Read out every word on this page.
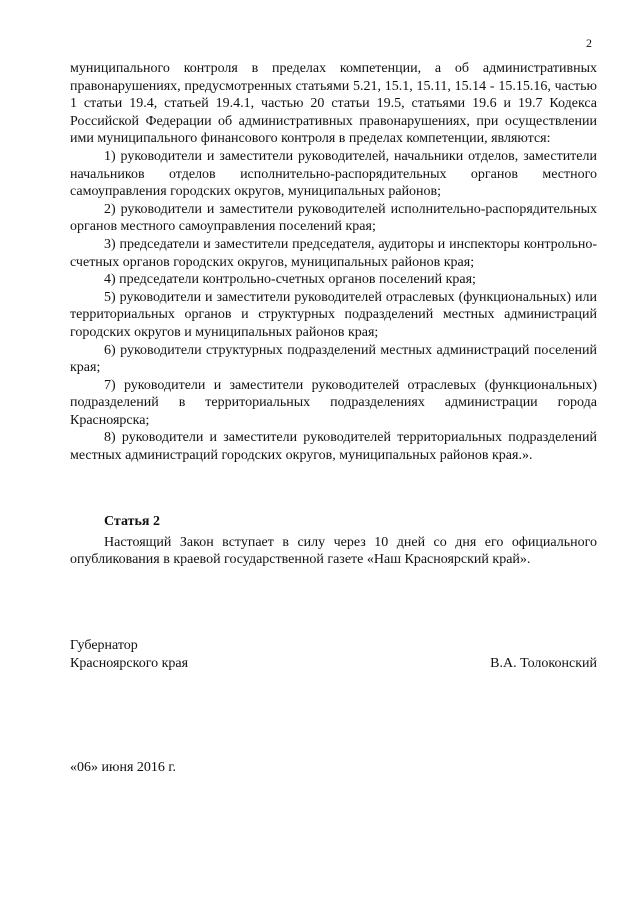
2

муниципального контроля в пределах компетенции, а об административных правонарушениях, предусмотренных статьями 5.21, 15.1, 15.11, 15.14 - 15.15.16, частью 1 статьи 19.4, статьей 19.4.1, частью 20 статьи 19.5, статьями 19.6 и 19.7 Кодекса Российской Федерации об административных правонарушениях, при осуществлении ими муниципального финансового контроля в пределах компетенции, являются:

1) руководители и заместители руководителей, начальники отделов, заместители начальников отделов исполнительно-распорядительных органов местного самоуправления городских округов, муниципальных районов;

2) руководители и заместители руководителей исполнительно-распорядительных органов местного самоуправления поселений края;

3) председатели и заместители председателя, аудиторы и инспекторы контрольно-счетных органов городских округов, муниципальных районов края;

4) председатели контрольно-счетных органов поселений края;

5) руководители и заместители руководителей отраслевых (функциональных) или территориальных органов и структурных подразделений местных администраций городских округов и муниципальных районов края;

6) руководители структурных подразделений местных администраций поселений края;

7) руководители и заместители руководителей отраслевых (функциональных) подразделений в территориальных подразделениях администрации города Красноярска;

8) руководители и заместители руководителей территориальных подразделений местных администраций городских округов, муниципальных районов края.».

Статья 2

Настоящий Закон вступает в силу через 10 дней со дня его официального опубликования в краевой государственной газете «Наш Красноярский край».

Губернатор
Красноярского края	В.А. Толоконский
«06» июня 2016 г.
